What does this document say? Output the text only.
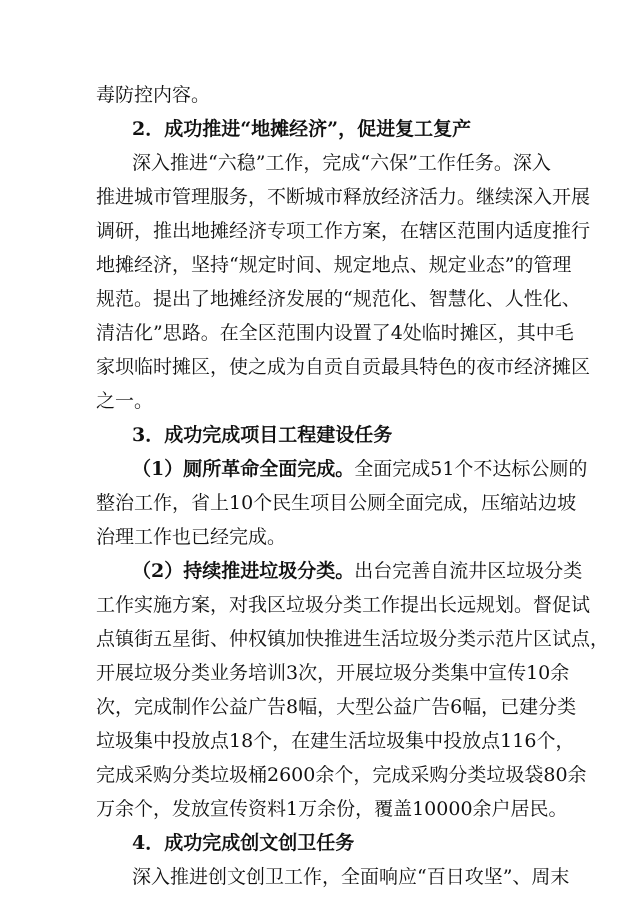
毒防控内容。
2．成功推进“地摊经济”，促进复工复产
深入推进“六稳”工作，完成“六保”工作任务。深入
推进城市管理服务，不断城市释放经济活力。继续深入开展
调研，推出地摊经济专项工作方案，在辖区范围内适度推行
地摊经济，坚持“规定时间、规定地点、规定业态”的管理
规范。提出了地摊经济发展的“规范化、智慧化、人性化、
清洁化”思路。在全区范围内设置了4处临时摊区，其中毛
家坝临时摊区，使之成为自贡自贡最具特色的夜市经济摊区
之一。
3．成功完成项目工程建设任务
（1）厕所革命全面完成。全面完成51个不达标公厕的
整治工作，省上10个民生项目公厕全面完成，压缩站边坡
治理工作也已经完成。
（2）持续推进垃圾分类。出台完善自流井区垃圾分类
工作实施方案，对我区垃圾分类工作提出长远规划。督促试
点镇街五星街、仲权镇加快推进生活垃圾分类示范片区试点，
开展垃圾分类业务培训3次，开展垃圾分类集中宣传10余
次，完成制作公益广告8幅，大型公益广告6幅，已建分类
垃圾集中投放点18个，在建生活垃圾集中投放点116个，
完成采购分类垃圾桶2600余个，完成采购分类垃圾袋80余
万余个，发放宣传资料1万余份，覆盖10000余户居民。
4．成功完成创文创卫任务
深入推进创文创卫工作，全面响应“百日攻坚”、周末
